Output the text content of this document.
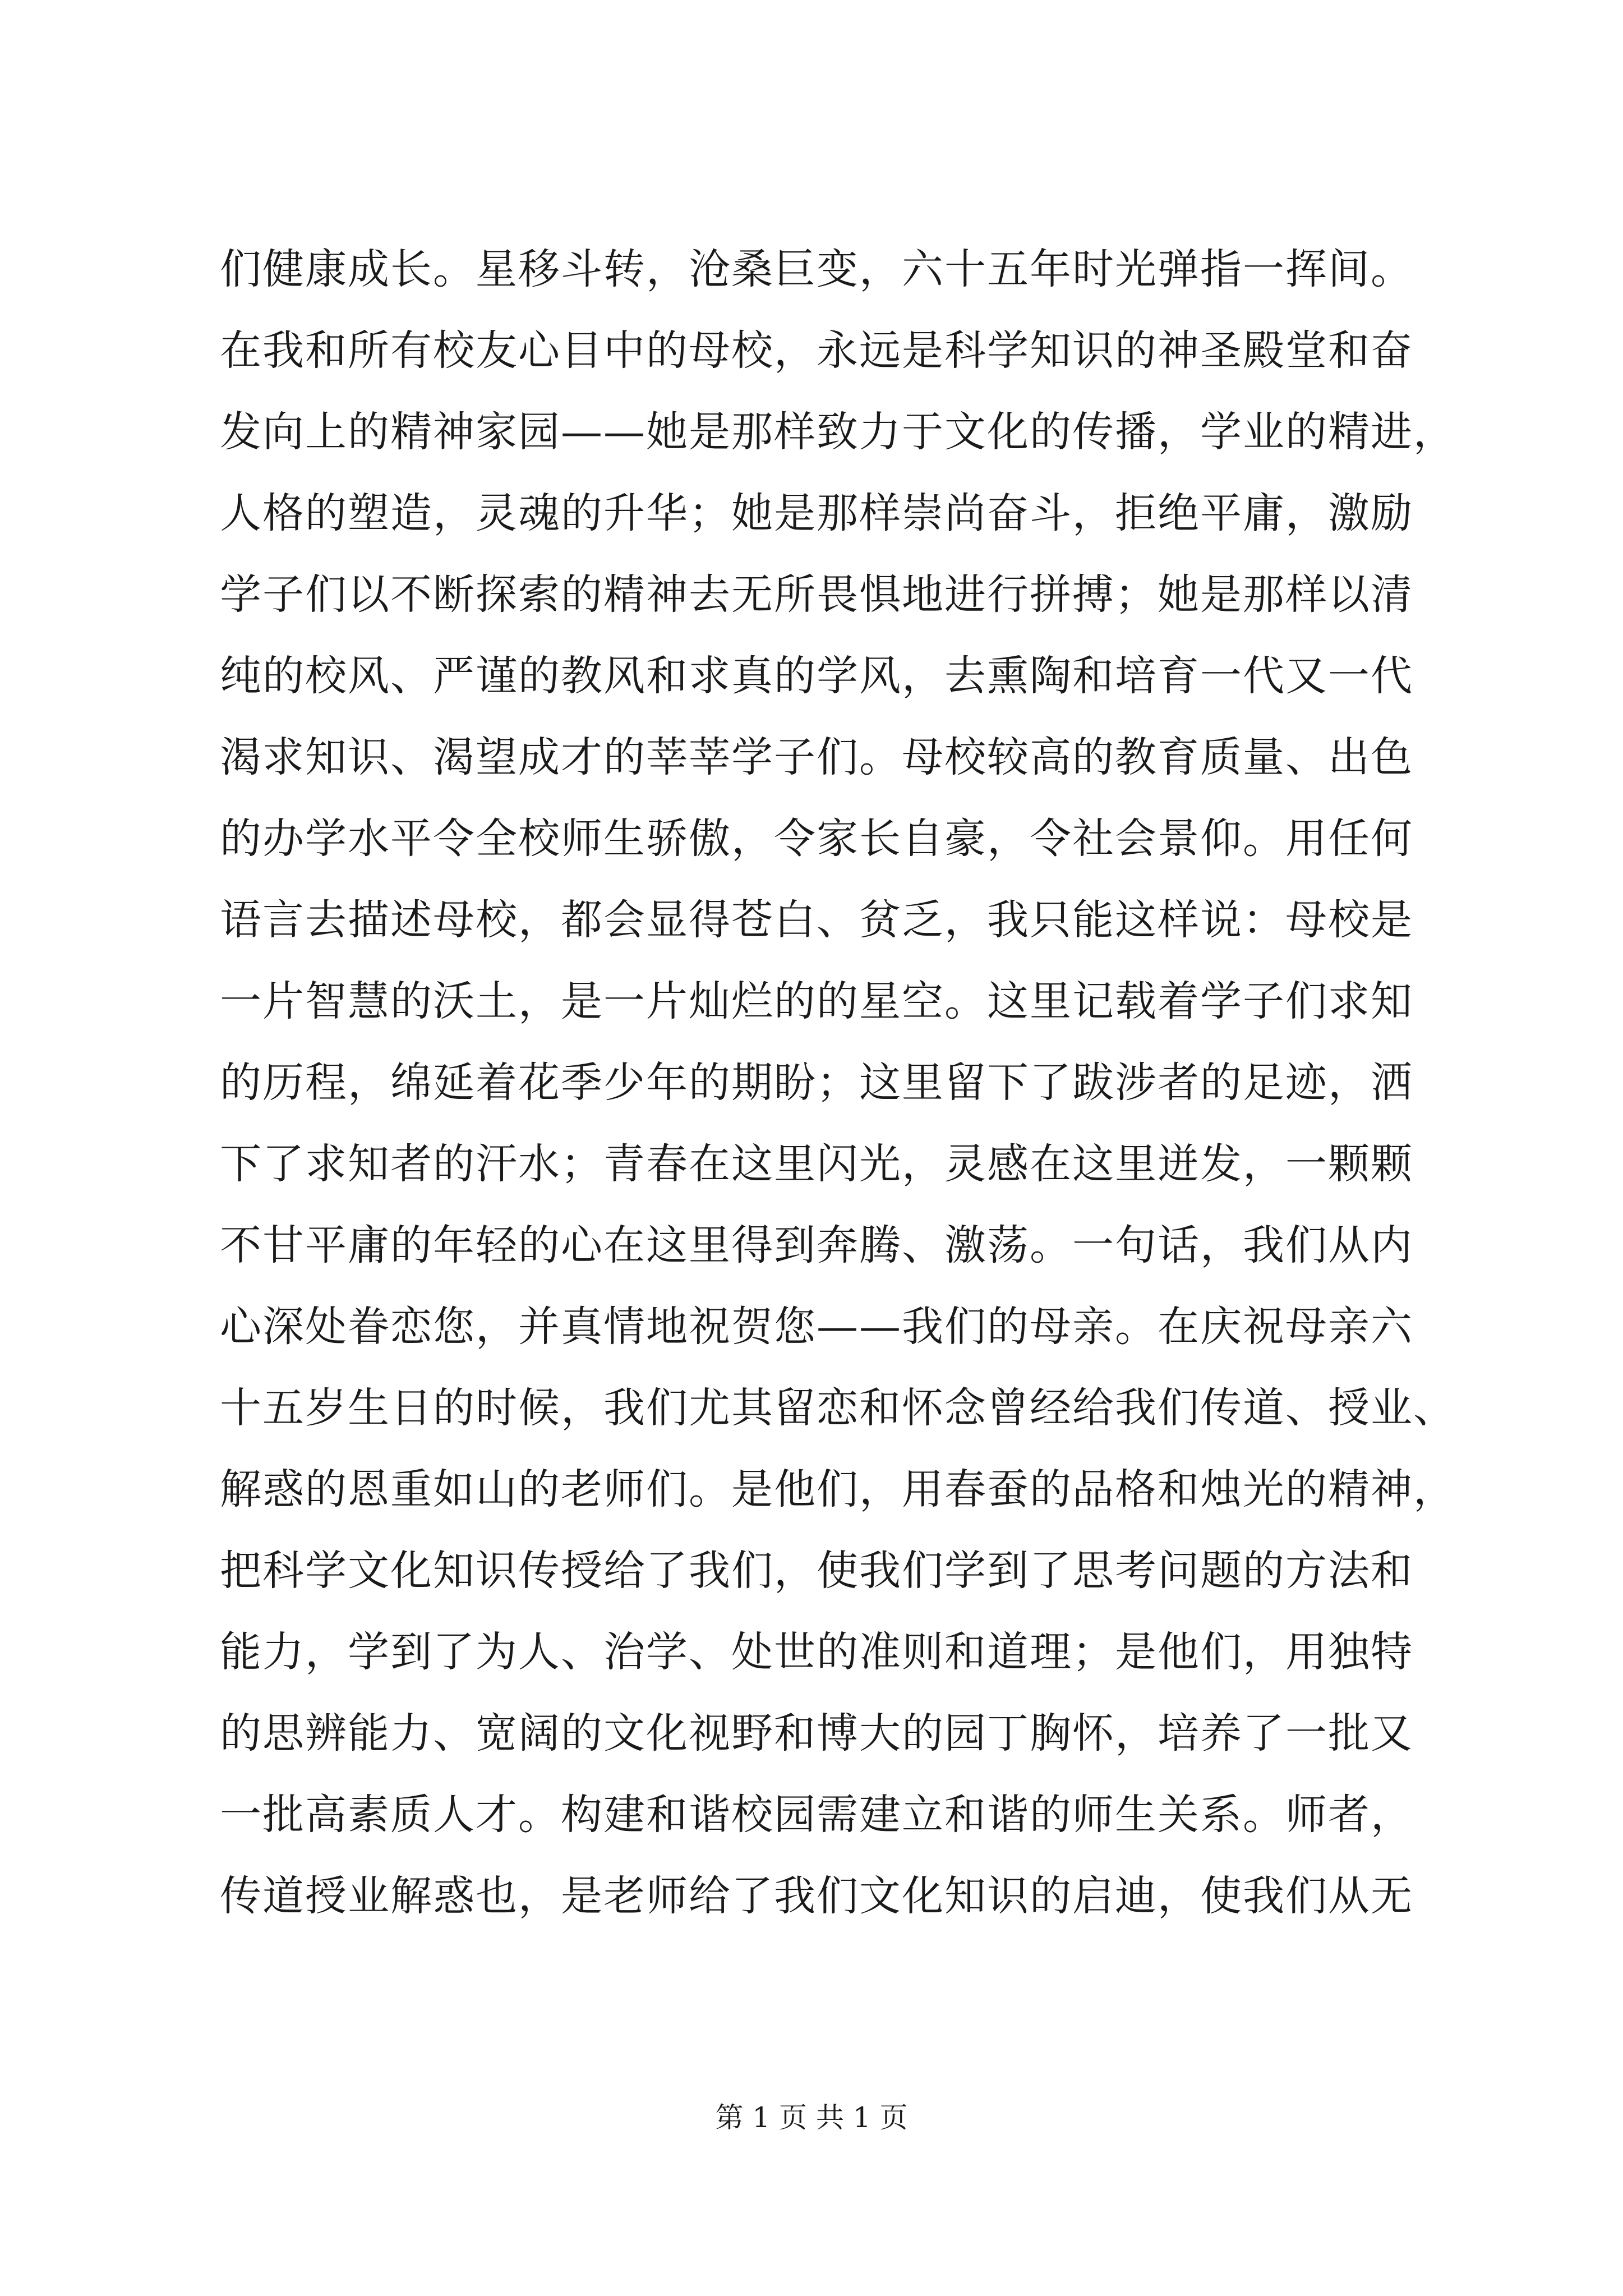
们健康成长。星移斗转，沧桑巨变，六十五年时光弹指一挥间。
在我和所有校友心目中的母校，永远是科学知识的神圣殿堂和奋
发向上的精神家园——她是那样致力于文化的传播，学业的精进，
人格的塑造，灵魂的升华；她是那样崇尚奋斗，拒绝平庸，激励
学子们以不断探索的精神去无所畏惧地进行拼搏；她是那样以清
纯的校风、严谨的教风和求真的学风，去熏陶和培育一代又一代
渴求知识、渴望成才的莘莘学子们。母校较高的教育质量、出色
的办学水平令全校师生骄傲，令家长自豪，令社会景仰。用任何
语言去描述母校，都会显得苍白、贫乏，我只能这样说：母校是
一片智慧的沃土，是一片灿烂的的星空。这里记载着学子们求知
的历程，绵延着花季少年的期盼；这里留下了跋涉者的足迹，洒
下了求知者的汗水；青春在这里闪光，灵感在这里迸发，一颗颗
不甘平庸的年轻的心在这里得到奔腾、激荡。一句话，我们从内
心深处眷恋您，并真情地祝贺您——我们的母亲。在庆祝母亲六
十五岁生日的时候，我们尤其留恋和怀念曾经给我们传道、授业、
解惑的恩重如山的老师们。是他们，用春蚕的品格和烛光的精神，
把科学文化知识传授给了我们，使我们学到了思考问题的方法和
能力，学到了为人、治学、处世的准则和道理；是他们，用独特
的思辨能力、宽阔的文化视野和博大的园丁胸怀，培养了一批又
一批高素质人才。构建和谐校园需建立和谐的师生关系。师者，
传道授业解惑也，是老师给了我们文化知识的启迪，使我们从无
第 1 页 共 1 页
